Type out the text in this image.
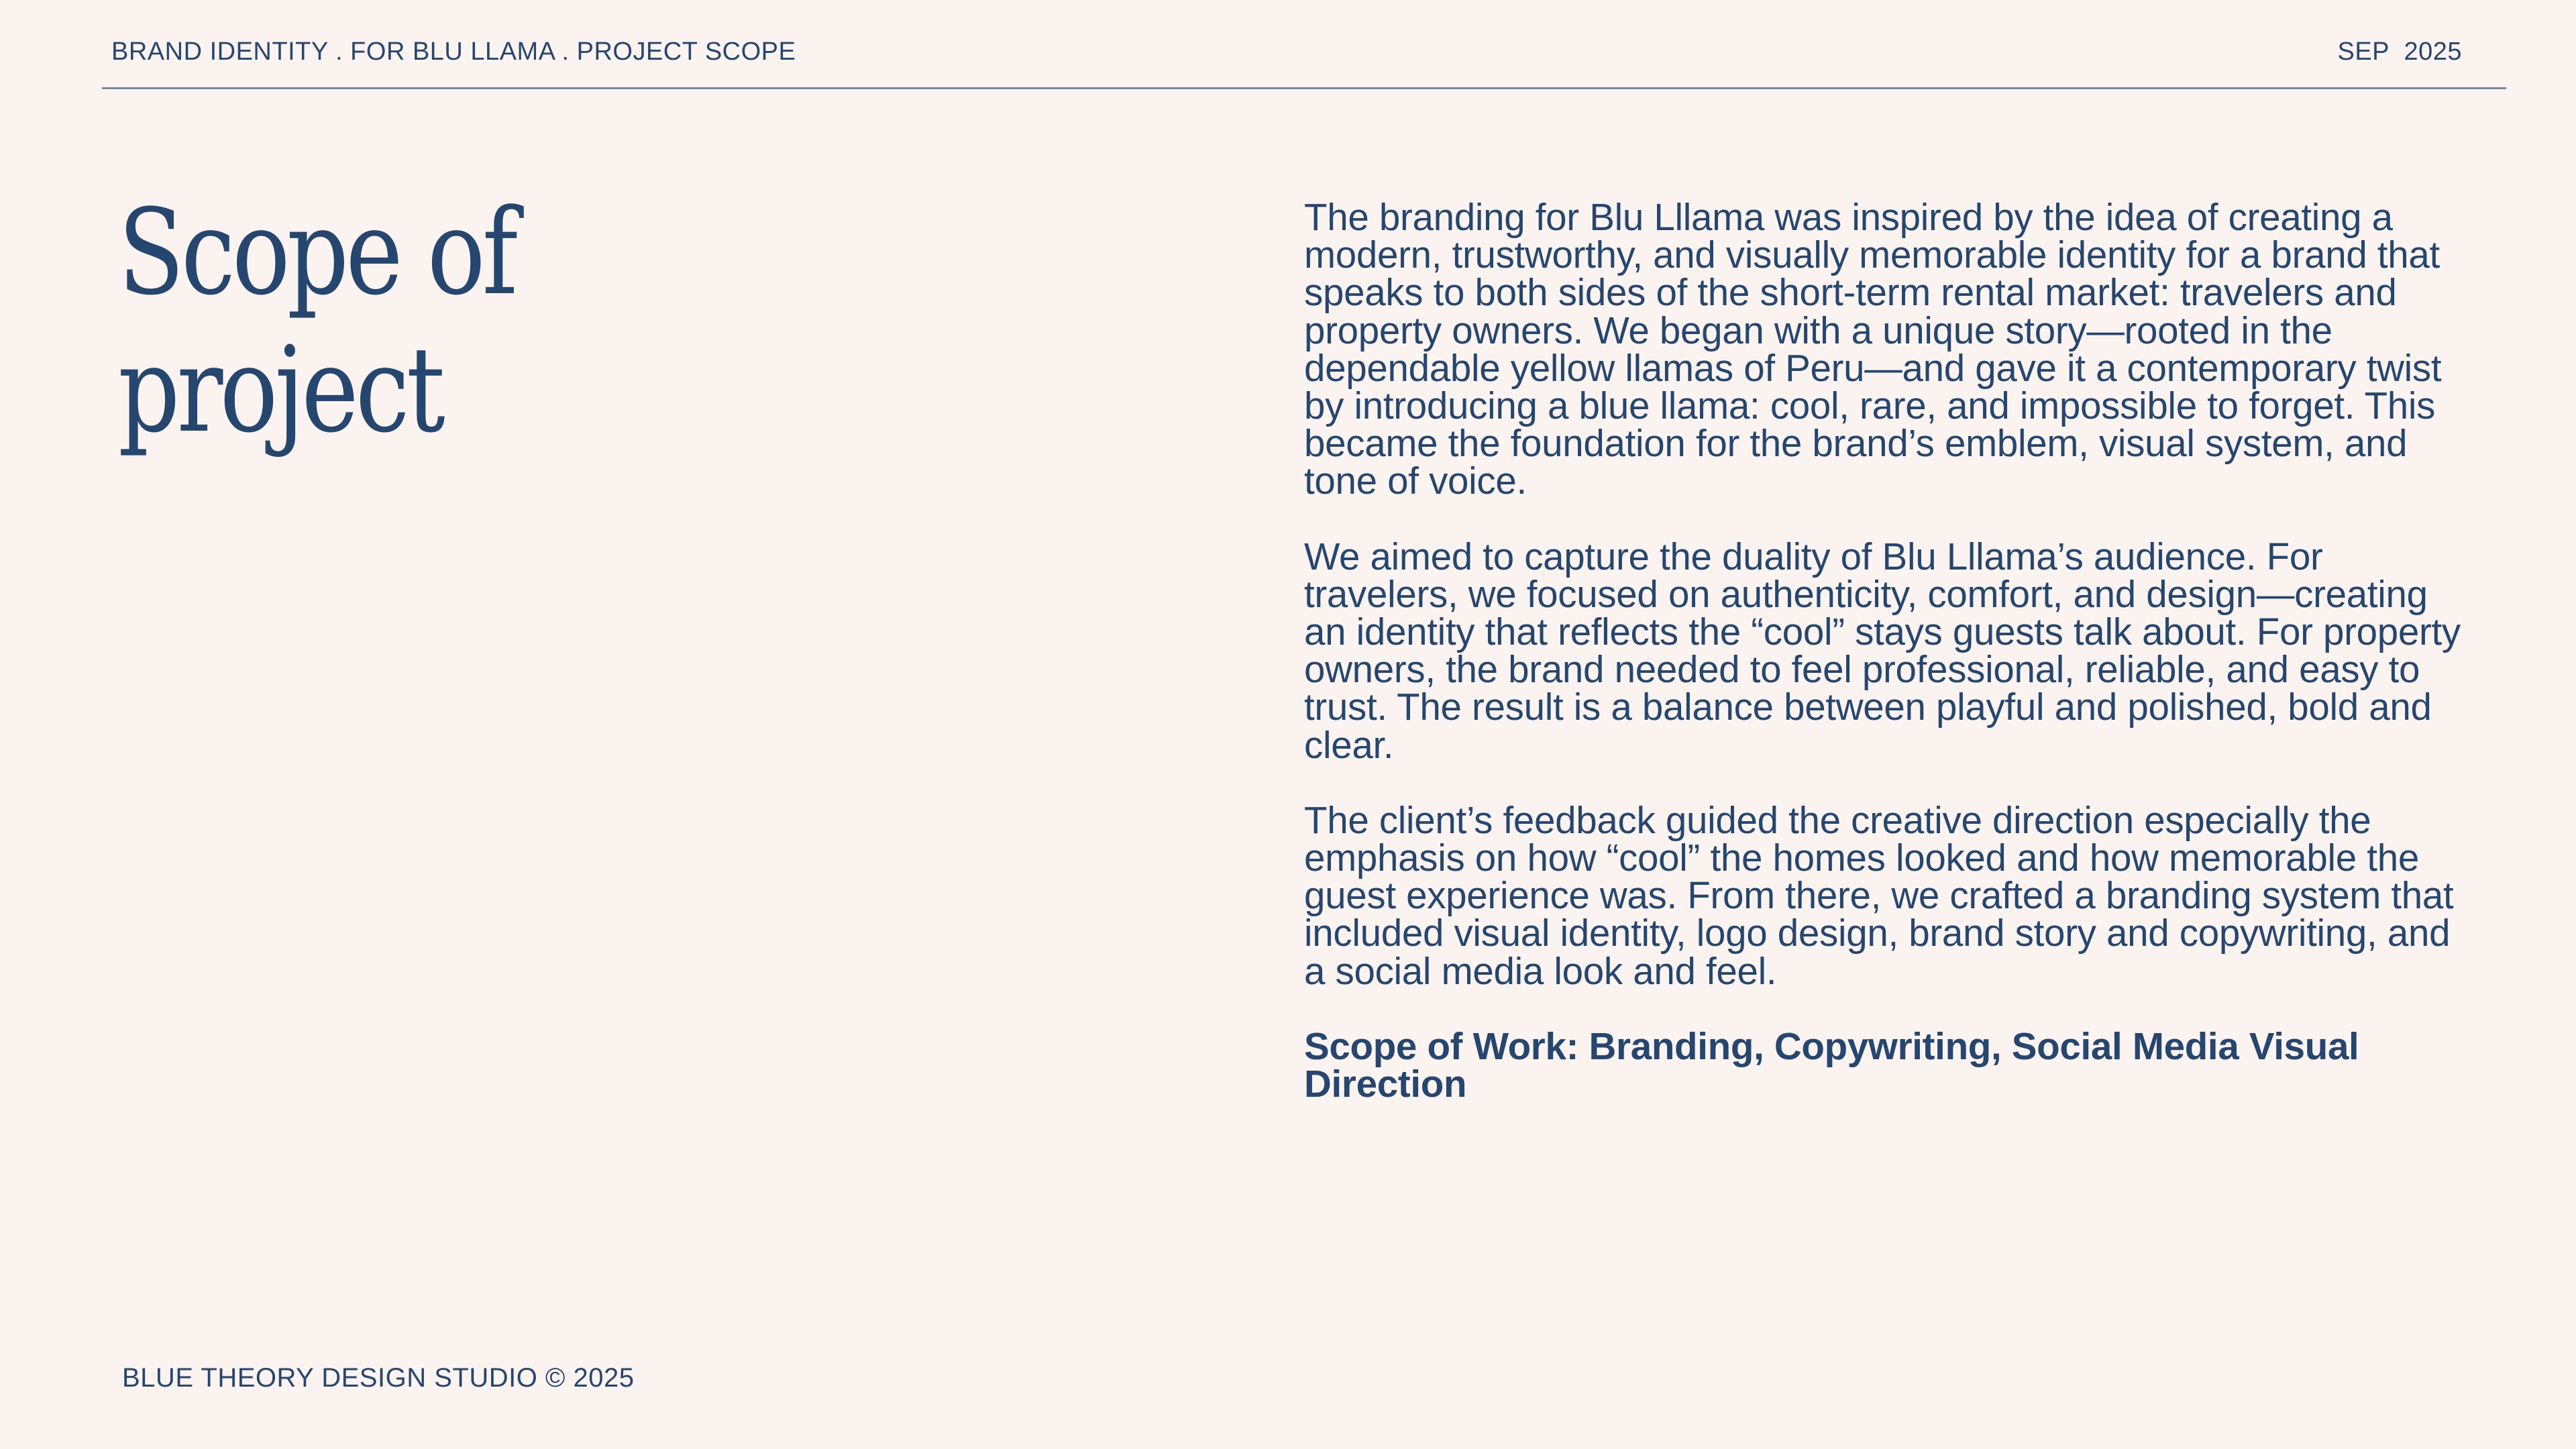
BRAND IDENTITY . FOR BLU LLAMA . PROJECT SCOPE	SEP  2025
Scope of
project

The branding for Blu Lllama was inspired by the idea of creating a modern, trustworthy, and visually memorable identity for a brand that speaks to both sides of the short-term rental market: travelers and property owners. We began with a unique story—rooted in the dependable yellow llamas of Peru—and gave it a contemporary twist by introducing a blue llama: cool, rare, and impossible to forget. This became the foundation for the brand’s emblem, visual system, and tone of voice.

We aimed to capture the duality of Blu Lllama’s audience. For travelers, we focused on authenticity, comfort, and design—creating an identity that reflects the “cool” stays guests talk about. For property owners, the brand needed to feel professional, reliable, and easy to trust. The result is a balance between playful and polished, bold and clear.

The client’s feedback guided the creative direction especially the emphasis on how “cool” the homes looked and how memorable the guest experience was. From there, we crafted a branding system that included visual identity, logo design, brand story and copywriting, and a social media look and feel.

Scope of Work: Branding, Copywriting, Social Media Visual Direction

BLUE THEORY DESIGN STUDIO © 2025
